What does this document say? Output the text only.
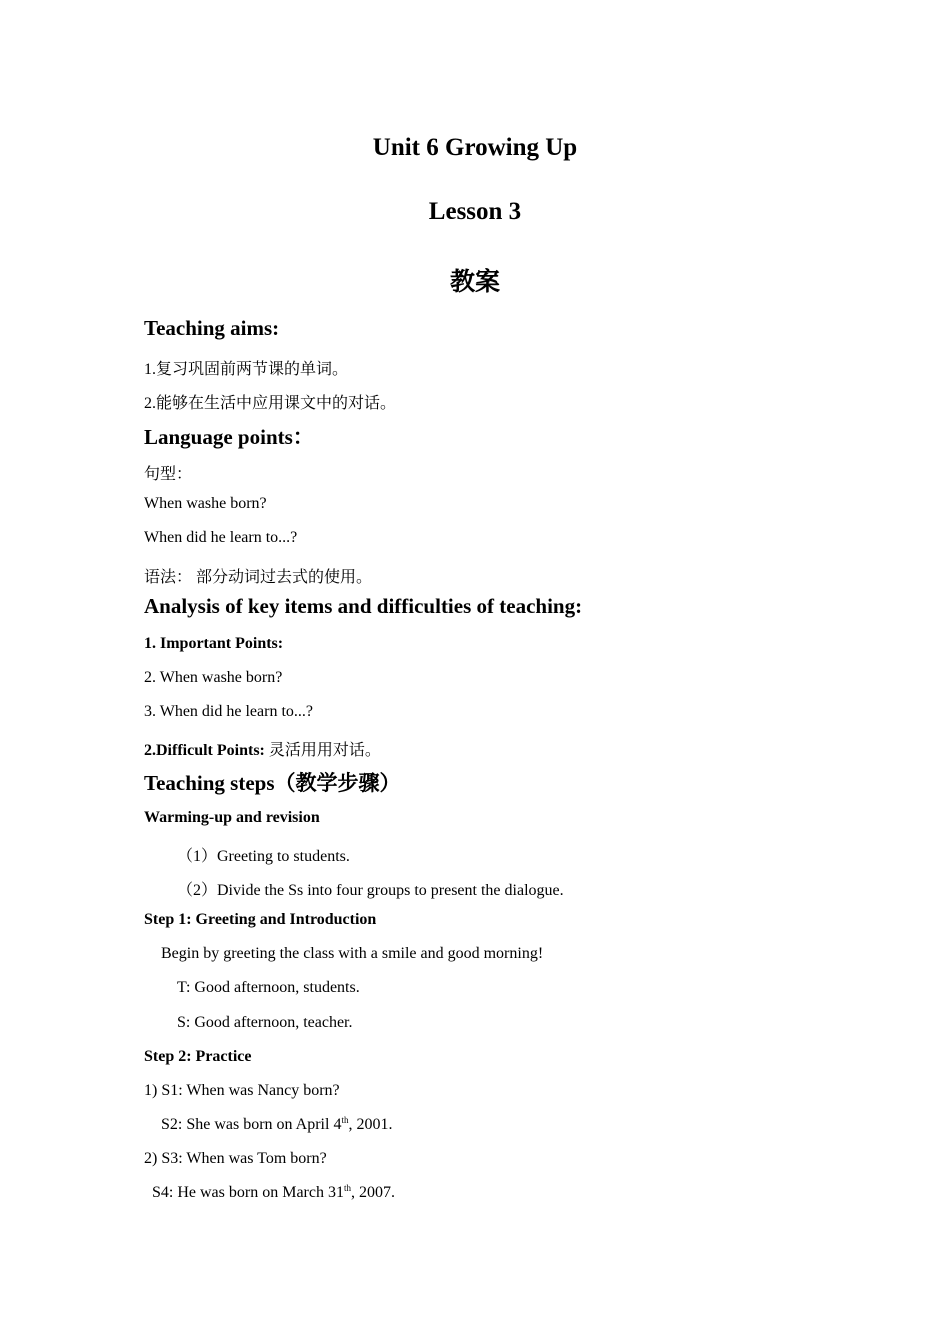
Unit 6 Growing Up
Lesson 3
教案
Teaching aims:
1.复习巩固前两节课的单词。
2.能够在生活中应用课文中的对话。
Language points：
句型：
When washe born?
When did he learn to...?
语法： 部分动词过去式的使用。
Analysis of key items and difficulties of teaching:
1. Important Points:
2. When washe born?
3. When did he learn to...?
2.Difficult Points: 灵活用用对话。
Teaching steps（教学步骤）
Warming-up and revision
（1）Greeting to students.
（2）Divide the Ss into four groups to present the dialogue.
Step 1: Greeting and Introduction
Begin by greeting the class with a smile and good morning!
T: Good afternoon, students.
S: Good afternoon, teacher.
Step 2: Practice
1) S1: When was Nancy born?
S2: She was born on April 4th, 2001.
2) S3: When was Tom born?
S4: He was born on March 31th, 2007.
